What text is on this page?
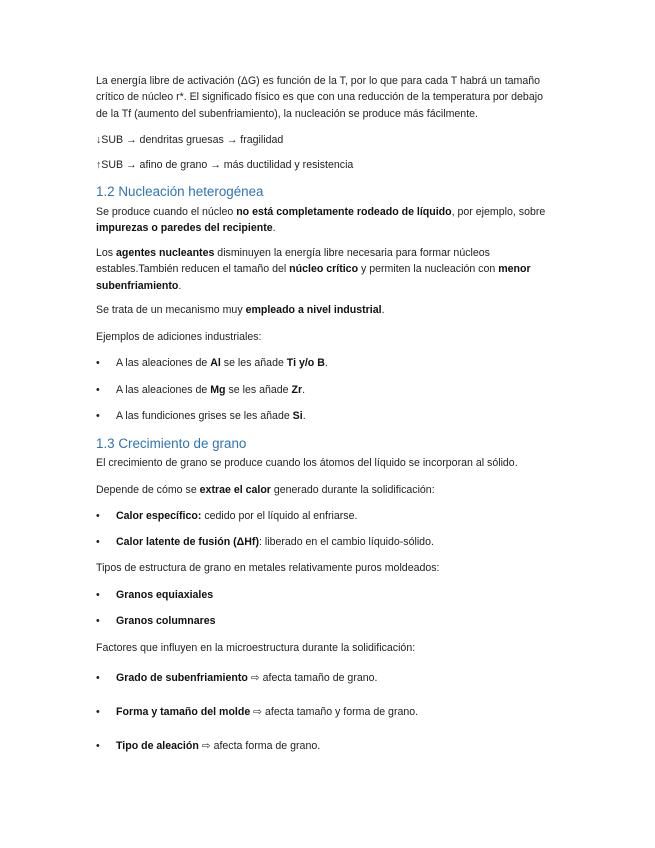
La energía libre de activación (ΔG) es función de la T, por lo que para cada T habrá un tamaño
crítico de núcleo r*. El significado físico es que con una reducción de la temperatura por debajo
de la Tf (aumento del subenfriamiento), la nucleación se produce más fácilmente.
↓SUB → dendritas gruesas → fragilidad
↑SUB → afino de grano → más ductilidad y resistencia
1.2 Nucleación heterogénea
Se produce cuando el núcleo no está completamente rodeado de líquido, por ejemplo, sobre
impurezas o paredes del recipiente.
Los agentes nucleantes disminuyen la energía libre necesaria para formar núcleos
estables.También reducen el tamaño del núcleo crítico y permiten la nucleación con menor
subenfriamiento.
Se trata de un mecanismo muy empleado a nivel industrial.
Ejemplos de adiciones industriales:
• A las aleaciones de Al se les añade Ti y/o B.
• A las aleaciones de Mg se les añade Zr.
• A las fundiciones grises se les añade Si.
1.3 Crecimiento de grano
El crecimiento de grano se produce cuando los átomos del líquido se incorporan al sólido.
Depende de cómo se extrae el calor generado durante la solidificación:
• Calor específico: cedido por el líquido al enfriarse.
• Calor latente de fusión (ΔHf): liberado en el cambio líquido-sólido.
Tipos de estructura de grano en metales relativamente puros moldeados:
• Granos equiaxiales
• Granos columnares
Factores que influyen en la microestructura durante la solidificación:
• Grado de subenfriamiento ⇨ afecta tamaño de grano.
• Forma y tamaño del molde ⇨ afecta tamaño y forma de grano.
• Tipo de aleación ⇨ afecta forma de grano.
